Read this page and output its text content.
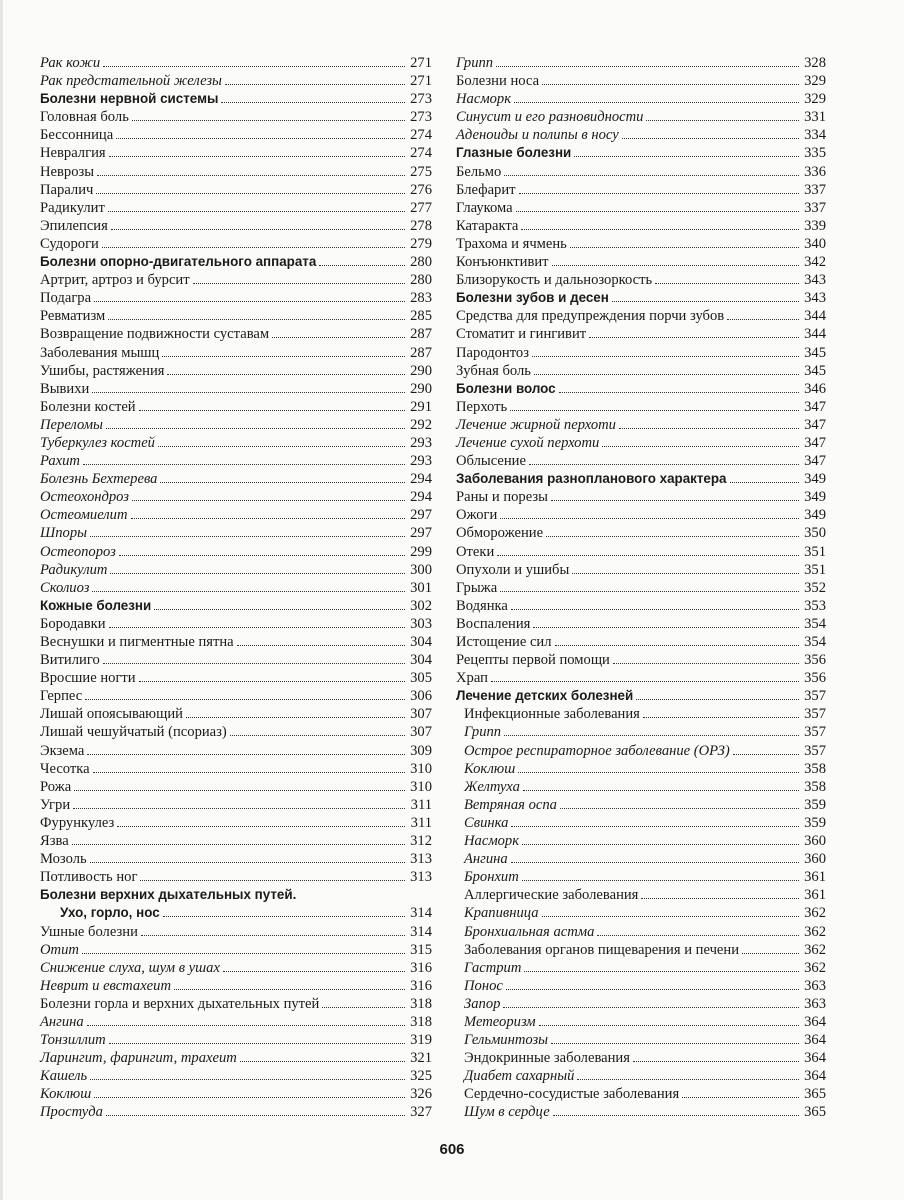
Рак кожи	271
Рак предстательной железы	271
Болезни нервной системы	273
Головная боль	273
Бессонница	274
Невралгия	274
Неврозы	275
Паралич	276
Радикулит	277
Эпилепсия	278
Судороги	279
Болезни опорно-двигательного аппарата	280
Артрит, артроз и бурсит	280
Подагра	283
Ревматизм	285
Возвращение подвижности суставам	287
Заболевания мышц	287
Ушибы, растяжения	290
Вывихи	290
Болезни костей	291
Переломы	292
Туберкулез костей	293
Рахит	293
Болезнь Бехтерева	294
Остеохондроз	294
Остеомиелит	297
Шпоры	297
Остеопороз	299
Радикулит	300
Сколиоз	301
Кожные болезни	302
Бородавки	303
Веснушки и пигментные пятна	304
Витилиго	304
Вросшие ногти	305
Герпес	306
Лишай опоясывающий	307
Лишай чешуйчатый (псориаз)	307
Экзема	309
Чесотка	310
Рожа	310
Угри	311
Фурункулез	311
Язва	312
Мозоль	313
Потливость ног	313
Болезни верхних дыхательных путей.
Ухо, горло, нос	314
Ушные болезни	314
Отит	315
Снижение слуха, шум в ушах	316
Неврит и евстахеит	316
Болезни горла и верхних дыхательных путей	318
Ангина	318
Тонзиллит	319
Ларингит, фарингит, трахеит	321
Кашель	325
Коклюш	326
Простуда	327
Грипп	328
Болезни носа	329
Насморк	329
Синусит и его разновидности	331
Аденоиды и полипы в носу	334
Глазные болезни	335
Бельмо	336
Блефарит	337
Глаукома	337
Катаракта	339
Трахома и ячмень	340
Конъюнктивит	342
Близорукость и дальнозоркость	343
Болезни зубов и десен	343
Средства для предупреждения порчи зубов	344
Стоматит и гингивит	344
Пародонтоз	345
Зубная боль	345
Болезни волос	346
Перхоть	347
Лечение жирной перхоти	347
Лечение сухой перхоти	347
Облысение	347
Заболевания разнопланового характера	349
Раны и порезы	349
Ожоги	349
Обморожение	350
Отеки	351
Опухоли и ушибы	351
Грыжа	352
Водянка	353
Воспаления	354
Истощение сил	354
Рецепты первой помощи	356
Храп	356
Лечение детских болезней	357
Инфекционные заболевания	357
Грипп	357
Острое респираторное заболевание (ОРЗ)	357
Коклюш	358
Желтуха	358
Ветряная оспа	359
Свинка	359
Насморк	360
Ангина	360
Бронхит	361
Аллергические заболевания	361
Крапивница	362
Бронхиальная астма	362
Заболевания органов пищеварения и печени	362
Гастрит	362
Понос	363
Запор	363
Метеоризм	364
Гельминтозы	364
Эндокринные заболевания	364
Диабет сахарный	364
Сердечно-сосудистые заболевания	365
Шум в сердце	365
606
